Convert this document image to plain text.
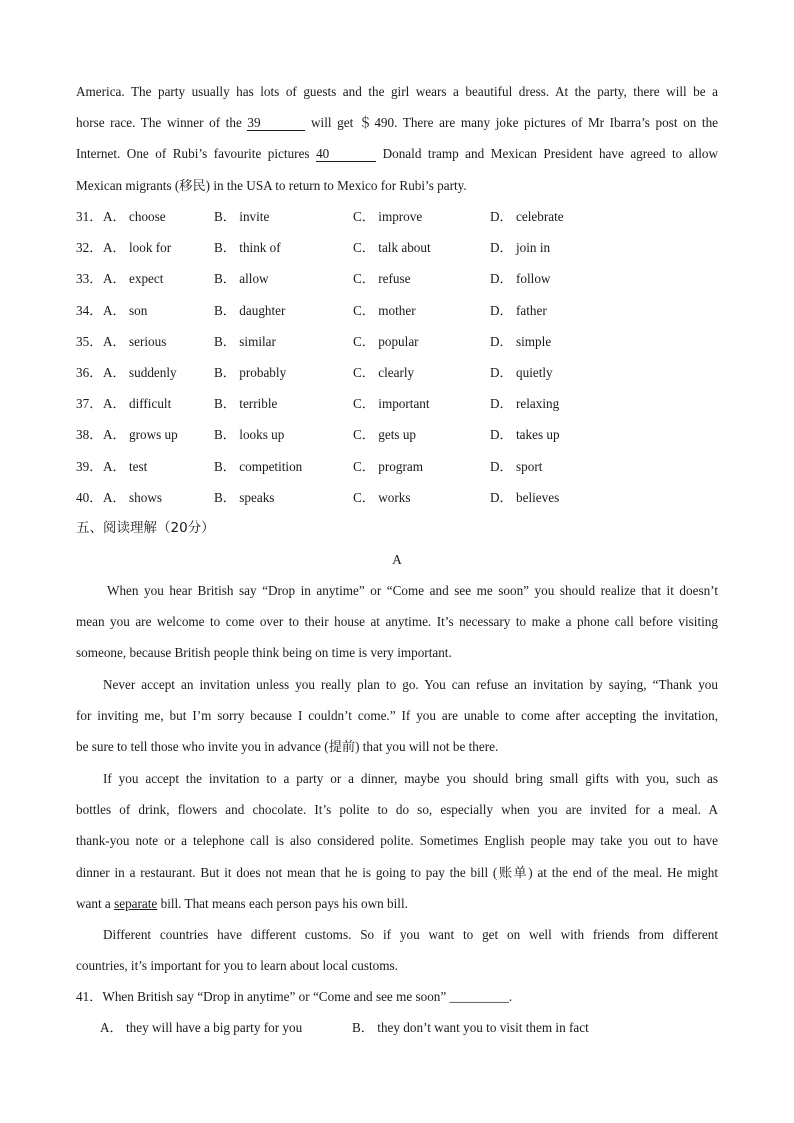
America. The party usually has lots of guests and the girl wears a beautiful dress. At the party, there will be a
horse race. The winner of the 39	will get ＄490. There are many joke pictures of Mr Ibarra’s post on the
Internet. One of Rubi’s favourite pictures 40	Donald tramp and Mexican President have agreed to allow
Mexican migrants (移民) in the USA to return to Mexico for Rubi’s party.
31． A． choose	B． invite	C． improve	D． celebrate
32． A． look for	B． think of	C． talk about	D． join in
33． A． expect	B． allow	C． refuse	D． follow
34． A． son	B． daughter	C． mother	D． father
35． A． serious	B． similar	C． popular	D． simple
36． A． suddenly	B． probably	C． clearly	D． quietly
37． A． difficult	B． terrible	C． important	D． relaxing
38． A． grows up	B． looks up	C． gets up	D． takes up
39． A． test	B． competition	C． program	D． sport
40． A． shows	B． speaks	C． works	D． believes
五、阅读理解（20分）
A
When you hear British say “Drop in anytime” or “Come and see me soon” you should realize that it doesn’t
mean you are welcome to come over to their house at anytime. It’s necessary to make a phone call before visiting
someone, because British people think being on time is very important.
Never accept an invitation unless you really plan to go. You can refuse an invitation by saying, “Thank you
for inviting me, but I’m sorry because I couldn’t come.” If you are unable to come after accepting the invitation,
be sure to tell those who invite you in advance (提前) that you will not be there.
If you accept the invitation to a party or a dinner, maybe you should bring small gifts with you, such as
bottles of drink, flowers and chocolate. It’s polite to do so, especially when you are invited for a meal. A
thank-you note or a telephone call is also considered polite. Sometimes English people may take you out to have
dinner in a restaurant. But it does not mean that he is going to pay the bill (账单) at the end of the meal. He might
want a separate bill. That means each person pays his own bill.
Different countries have different customs. So if you want to get on well with friends from different
countries, it’s important for you to learn about local customs.
41．When British say “Drop in anytime” or “Come and see me soon” _________.
A． they will have a big party for you	B． they don’t want you to visit them in fact
